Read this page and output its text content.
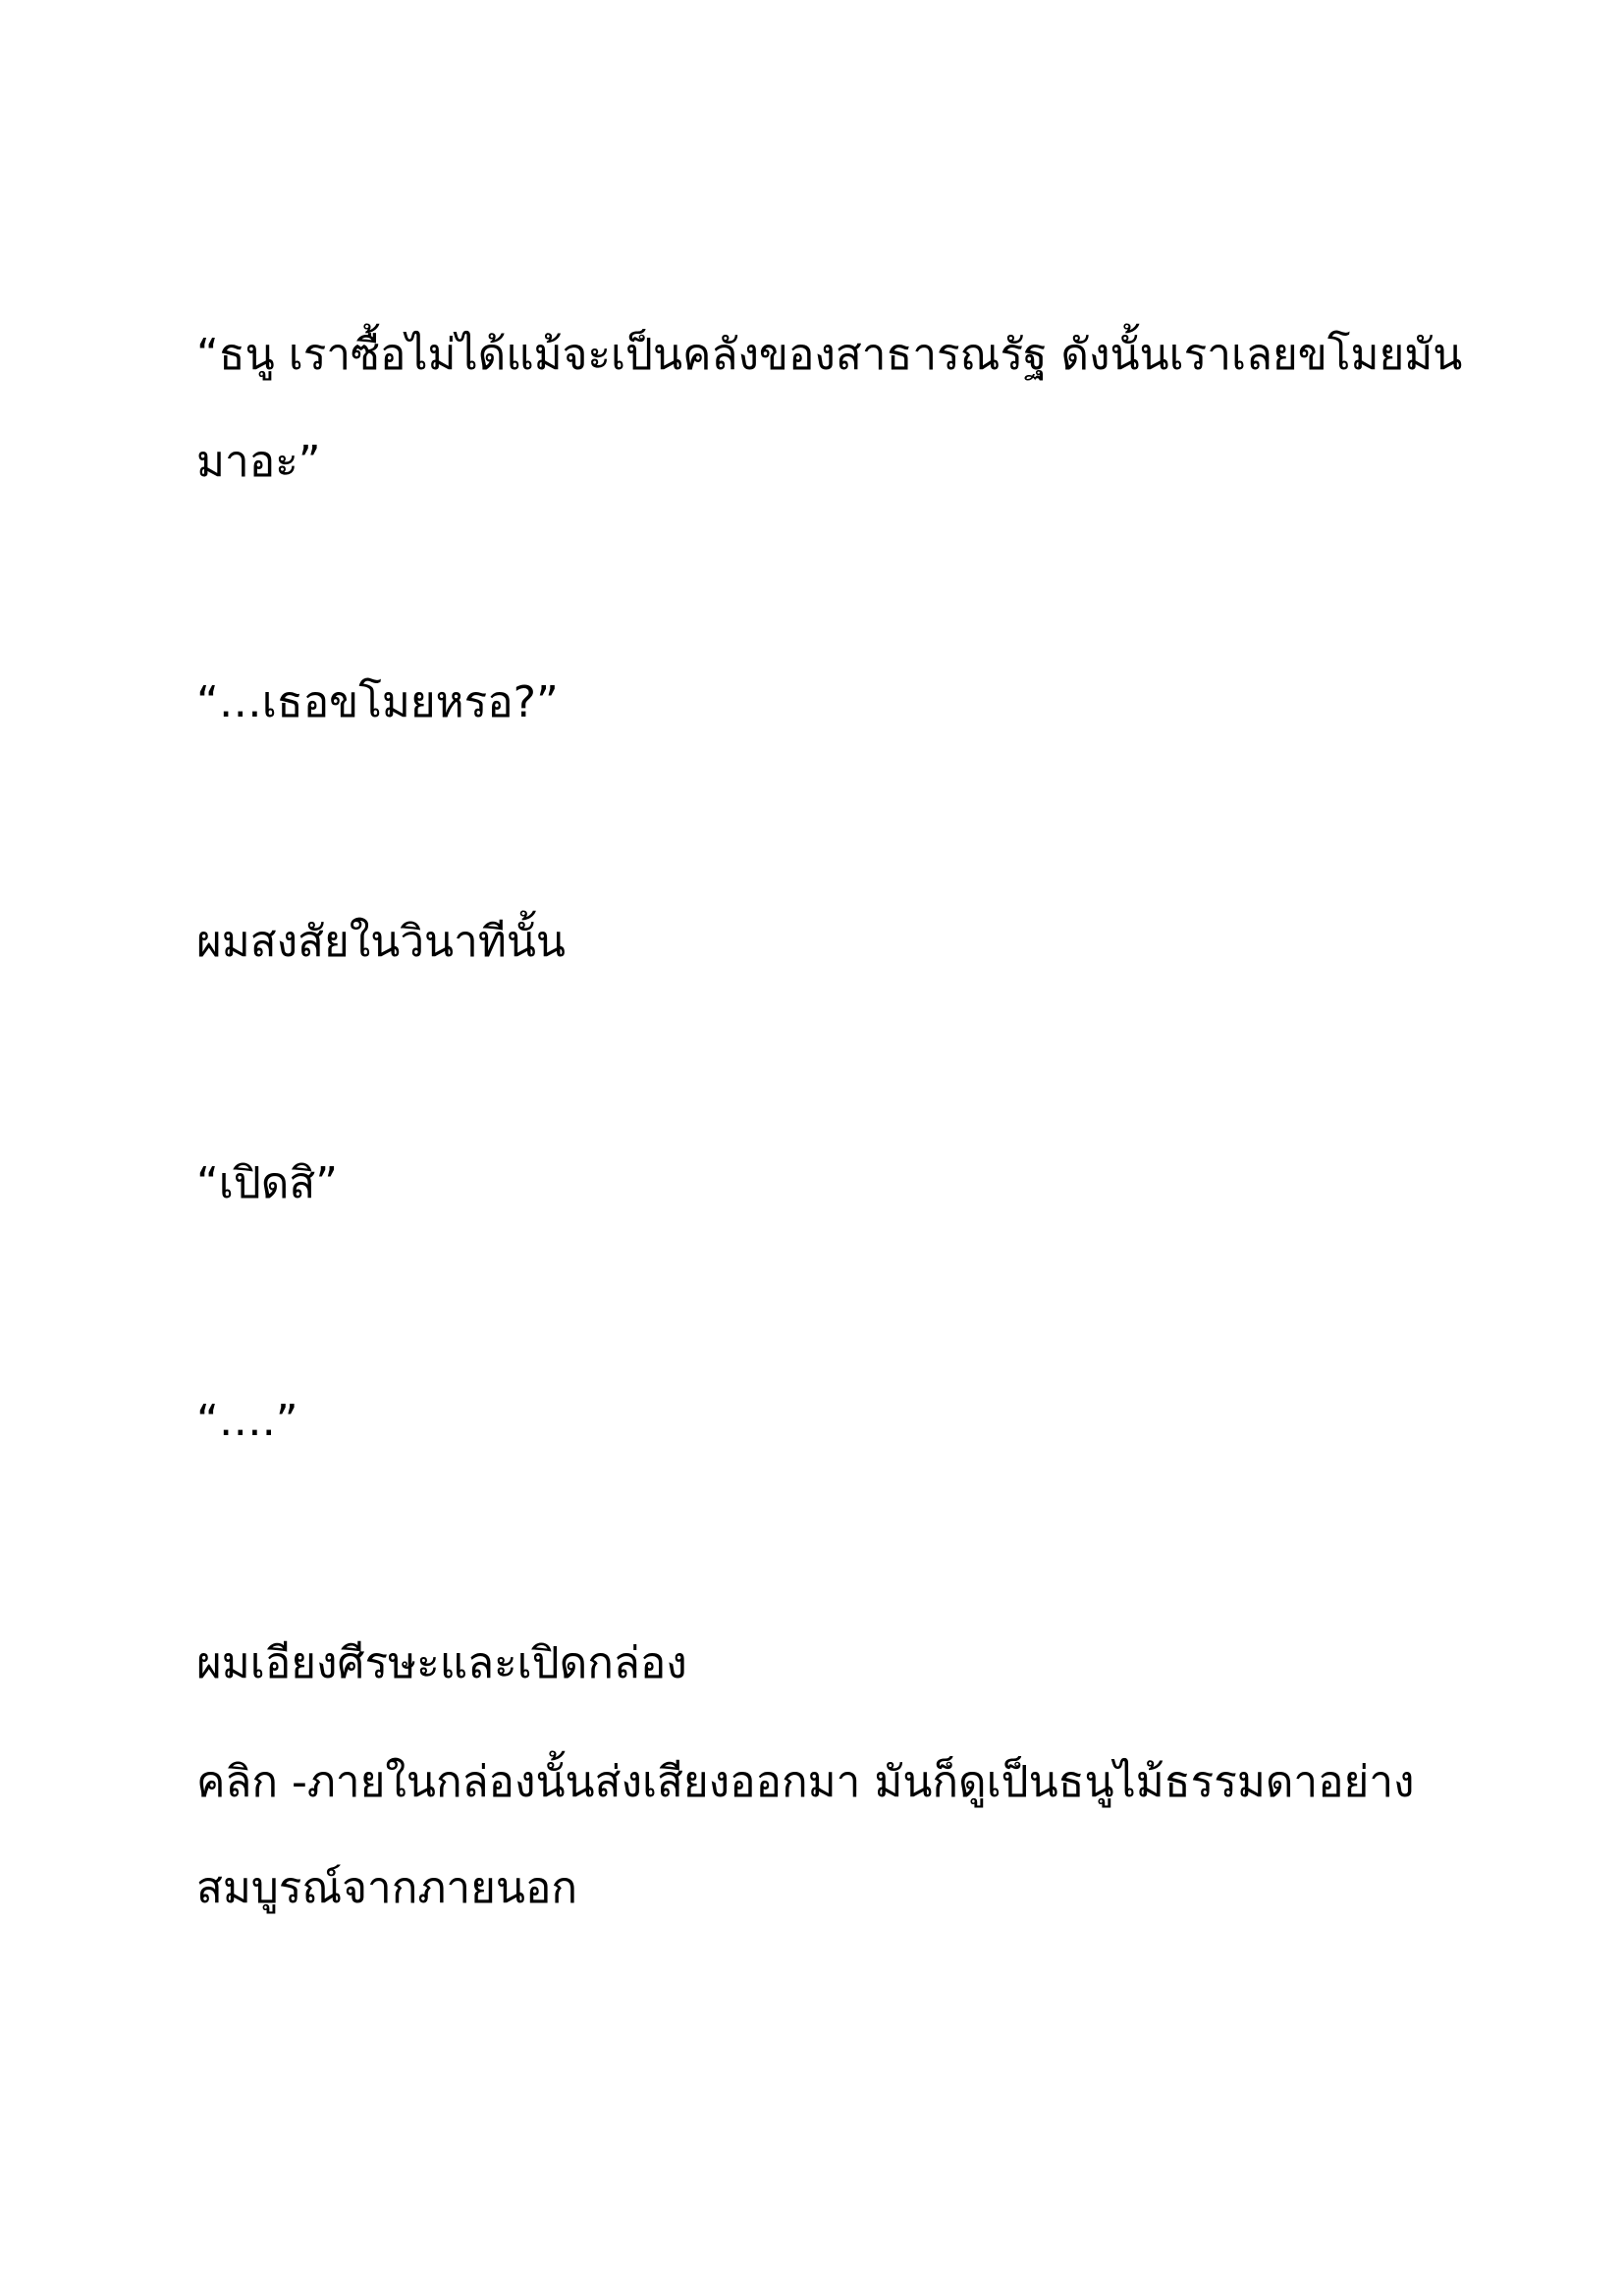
“ธนู เราซื้อไม่ได้แม้จะเป็นคลังของสาธารณรัฐ ดังนั้นเราเลยขโมยมัน

มาอะ”

“…เธอขโมยหรอ?”

ผมสงสัยในวินาทีนั้น

“เปิดสิ”

“….”

ผมเอียงศีรษะและเปิดกล่อง

คลิก -ภายในกล่องนั้นส่งเสียงออกมา มันก็ดูเป็นธนูไม้ธรรมดาอย่าง

สมบูรณ์จากภายนอก
